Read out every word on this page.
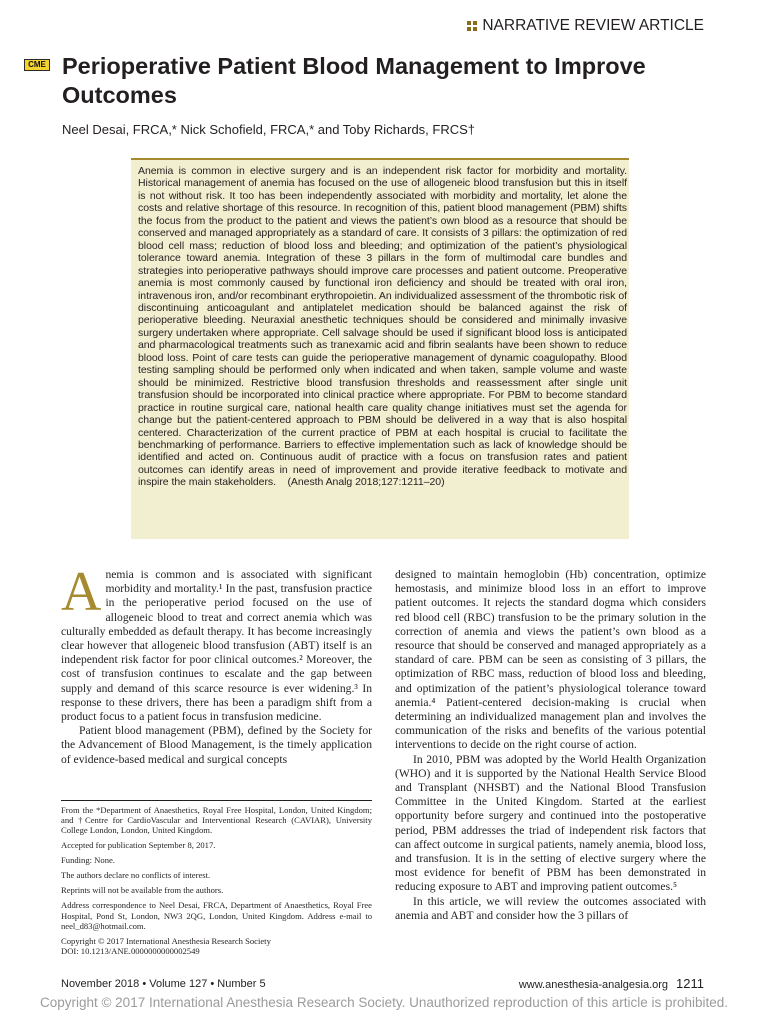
NARRATIVE REVIEW ARTICLE
CME Perioperative Patient Blood Management to Improve Outcomes
Neel Desai, FRCA,* Nick Schofield, FRCA,* and Toby Richards, FRCS†
Anemia is common in elective surgery and is an independent risk factor for morbidity and mortality. Historical management of anemia has focused on the use of allogeneic blood transfusion but this in itself is not without risk. It too has been independently associated with morbidity and mortality, let alone the costs and relative shortage of this resource. In recognition of this, patient blood management (PBM) shifts the focus from the product to the patient and views the patient’s own blood as a resource that should be conserved and managed appropriately as a standard of care. It consists of 3 pillars: the optimization of red blood cell mass; reduction of blood loss and bleeding; and optimization of the patient’s physiological tolerance toward anemia. Integration of these 3 pillars in the form of multimodal care bundles and strategies into perioperative pathways should improve care processes and patient outcome. Preoperative anemia is most commonly caused by functional iron deficiency and should be treated with oral iron, intravenous iron, and/or recombinant erythropoietin. An individualized assessment of the thrombotic risk of discontinuing anticoagulant and antiplatelet medication should be balanced against the risk of perioperative bleeding. Neuraxial anesthetic techniques should be considered and minimally invasive surgery undertaken where appropriate. Cell salvage should be used if significant blood loss is anticipated and pharmacological treatments such as tranexamic acid and fibrin sealants have been shown to reduce blood loss. Point of care tests can guide the perioperative management of dynamic coagulopathy. Blood testing sampling should be performed only when indicated and when taken, sample volume and waste should be minimized. Restrictive blood transfusion thresholds and reassessment after single unit transfusion should be incorporated into clinical practice where appropriate. For PBM to become standard practice in routine surgical care, national health care quality change initiatives must set the agenda for change but the patient-centered approach to PBM should be delivered in a way that is also hospital centered. Characterization of the current practice of PBM at each hospital is crucial to facilitate the benchmarking of performance. Barriers to effective implementation such as lack of knowledge should be identified and acted on. Continuous audit of practice with a focus on transfusion rates and patient outcomes can identify areas in need of improvement and provide iterative feedback to motivate and inspire the main stakeholders. (Anesth Analg 2018;127:1211–20)

Anemia is common and is associated with significant morbidity and mortality.¹ In the past, transfusion practice in the perioperative period focused on the use of allogeneic blood to treat and correct anemia which was culturally embedded as default therapy. It has become increasingly clear however that allogeneic blood transfusion (ABT) itself is an independent risk factor for poor clinical outcomes.² Moreover, the cost of transfusion continues to escalate and the gap between supply and demand of this scarce resource is ever widening.³ In response to these drivers, there has been a paradigm shift from a product focus to a patient focus in transfusion medicine.

Patient blood management (PBM), defined by the Society for the Advancement of Blood Management, is the timely application of evidence-based medical and surgical concepts

designed to maintain hemoglobin (Hb) concentration, optimize hemostasis, and minimize blood loss in an effort to improve patient outcomes. It rejects the standard dogma which considers red blood cell (RBC) transfusion to be the primary solution in the correction of anemia and views the patient’s own blood as a resource that should be conserved and managed appropriately as a standard of care. PBM can be seen as consisting of 3 pillars, the optimization of RBC mass, reduction of blood loss and bleeding, and optimization of the patient’s physiological tolerance toward anemia.⁴ Patient-centered decision-making is crucial when determining an individualized management plan and involves the communication of the risks and benefits of the various potential interventions to decide on the right course of action.

In 2010, PBM was adopted by the World Health Organization (WHO) and it is supported by the National Health Service Blood and Transplant (NHSBT) and the National Blood Transfusion Committee in the United Kingdom. Started at the earliest opportunity before surgery and continued into the postoperative period, PBM addresses the triad of independent risk factors that can affect outcome in surgical patients, namely anemia, blood loss, and transfusion. It is in the setting of elective surgery where the most evidence for benefit of PBM has been demonstrated in reducing exposure to ABT and improving patient outcomes.⁵

In this article, we will review the outcomes associated with anemia and ABT and consider how the 3 pillars of

From the *Department of Anaesthetics, Royal Free Hospital, London, United Kingdom; and †Centre for CardioVascular and Interventional Research (CAVIAR), University College London, London, United Kingdom.

Accepted for publication September 8, 2017.

Funding: None.

The authors declare no conflicts of interest.

Reprints will not be available from the authors.

Address correspondence to Neel Desai, FRCA, Department of Anaesthetics, Royal Free Hospital, Pond St, London, NW3 2QG, London, United Kingdom. Address e-mail to neel_d83@hotmail.com.

Copyright © 2017 International Anesthesia Research Society

DOI: 10.1213/ANE.0000000000002549

November 2018 • Volume 127 • Number 5	www.anesthesia-analgesia.org 1211
Copyright © 2017 International Anesthesia Research Society. Unauthorized reproduction of this article is prohibited.
